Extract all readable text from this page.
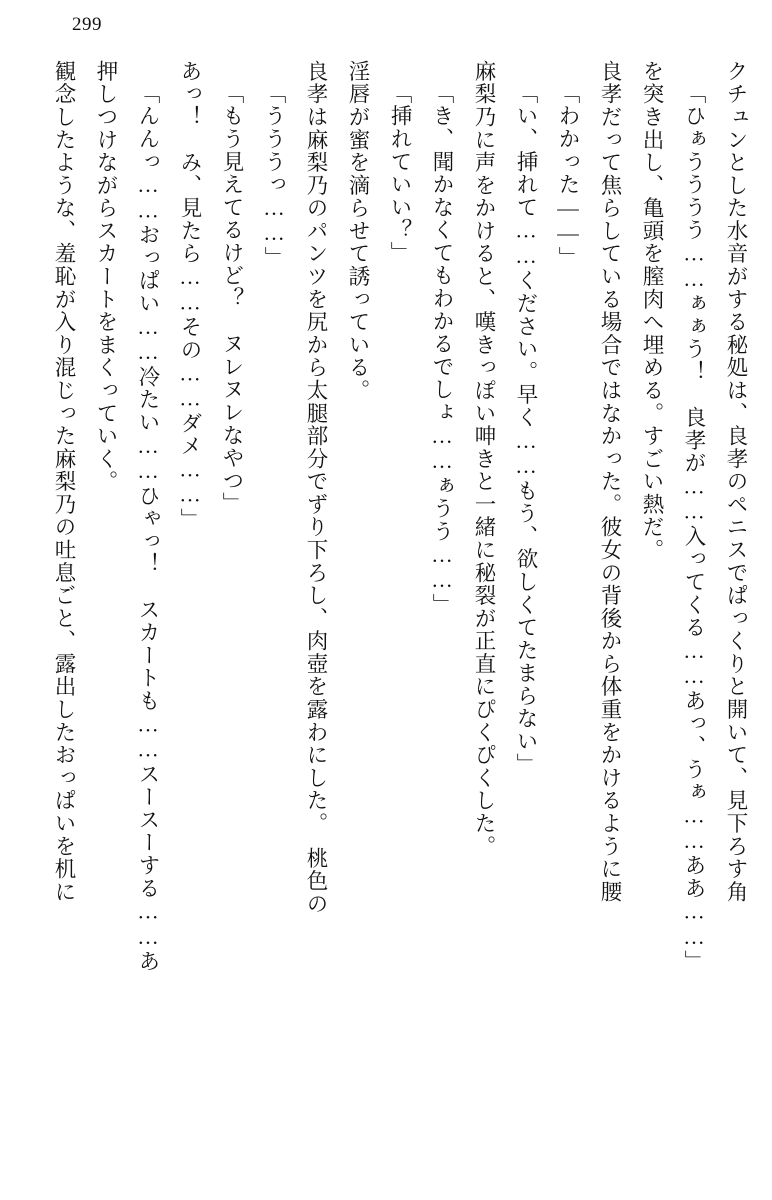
299
観念したような、羞恥が入り混じった麻梨乃の吐息ごと、露出したおっぱいを机に 押しつけながらスカートをまくっていく。 「んんっ……おっぱい……冷たい……ひゃっ！　スカートも……スースーする……あ あっ！　み、見たら……その……ダメ……」 「もう見えてるけど？　ヌレヌレなやつ」 「うううっ……」 良孝は麻梨乃のパンツを尻から太腿部分でずり下ろし、肉壺を露わにした。　桃色の 淫唇が蜜を滴らせて誘っている。 「挿れていい？」 「き、聞かなくてもわかるでしょ……ぁうう……」 麻梨乃に声をかけると、嘆きっぽい呻きと一緒に秘裂が正直にぴくぴくした。 「い、挿れて……ください。早く……もう、欲しくてたまらない」 「わかった――」 良孝だって焦らしている場合ではなかった。彼女の背後から体重をかけるように腰 を突き出し、亀頭を膣肉へ埋める。すごい熱だ。 「ひぁうううう……ぁぁう！　良孝が……入ってくる……あっ、うぁ……ああ……」 クチュンとした水音がする秘処は、良孝のペニスでぱっくりと開いて、見下ろす角
